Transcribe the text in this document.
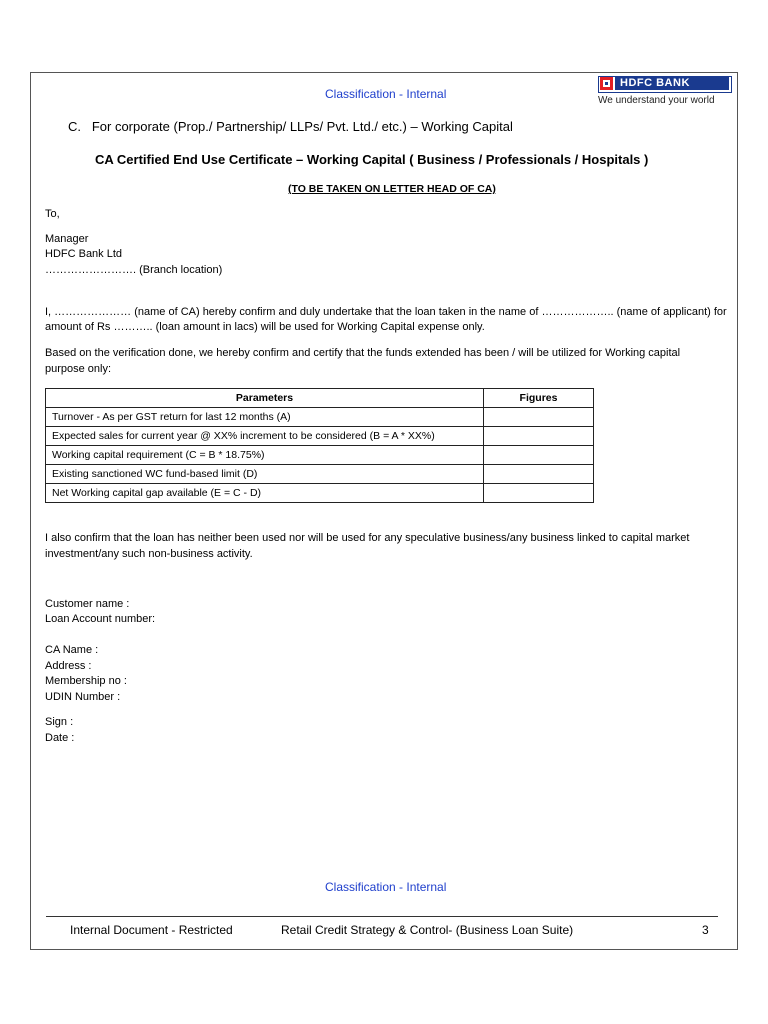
Classification - Internal
HDFC BANK
We understand your world
C. For corporate (Prop./ Partnership/ LLPs/ Pvt. Ltd./ etc.) – Working Capital
CA Certified End Use Certificate – Working Capital ( Business / Professionals / Hospitals )
(TO BE TAKEN ON LETTER HEAD OF CA)
To,
Manager
HDFC Bank Ltd
……………………. (Branch location)
I, ………………… (name of CA) hereby confirm and duly undertake that the loan taken in the name of ……………….. (name of applicant) for
amount of Rs ……….. (loan amount in lacs) will be used for Working Capital expense only.
Based on the verification done, we hereby confirm and certify that the funds extended has been / will be utilized for Working capital
purpose only:
Parameters	Figures
Turnover - As per GST return for last 12 months (A)	
Expected sales for current year @ XX% increment to be considered (B = A * XX%)	
Working capital requirement (C = B * 18.75%)	
Existing sanctioned WC fund-based limit (D)	
Net Working capital gap available (E = C - D)	
I also confirm that the loan has neither been used nor will be used for any speculative business/any business linked to capital market
investment/any such non-business activity.
Customer name :
Loan Account number:
CA Name :
Address :
Membership no :
UDIN Number :
Sign :
Date :
Classification - Internal
Internal Document - Restricted	Retail Credit Strategy & Control- (Business Loan Suite)	3
